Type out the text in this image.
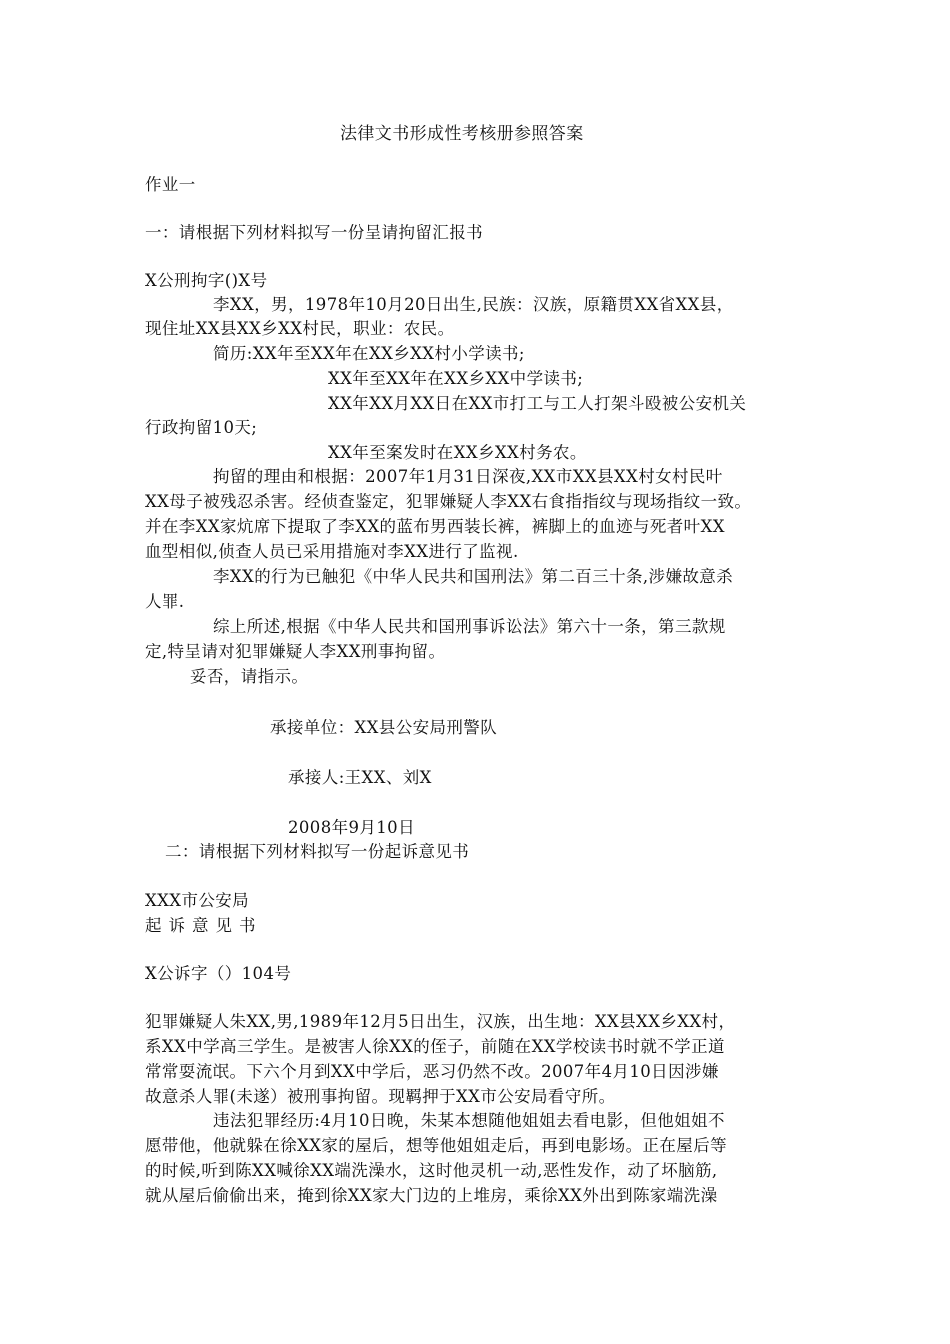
法律文书形成性考核册参照答案
作业一
一：请根据下列材料拟写一份呈请拘留汇报书
X公刑拘字()X号
李XX，男，1978年10月20日出生,民族：汉族，原籍贯XX省XX县，
现住址XX县XX乡XX村民，职业：农民。
简历:XX年至XX年在XX乡XX村小学读书;
XX年至XX年在XX乡XX中学读书;
XX年XX月XX日在XX市打工与工人打架斗殴被公安机关
行政拘留10天;
XX年至案发时在XX乡XX村务农。
拘留的理由和根据：2007年1月31日深夜,XX市XX县XX村女村民叶
XX母子被残忍杀害。经侦查鉴定，犯罪嫌疑人李XX右食指指纹与现场指纹一致。
并在李XX家炕席下提取了李XX的蓝布男西装长裤，裤脚上的血迹与死者叶XX
血型相似,侦查人员已采用措施对李XX进行了监视.
李XX的行为已触犯《中华人民共和国刑法》第二百三十条,涉嫌故意杀
人罪.
综上所述,根据《中华人民共和国刑事诉讼法》第六十一条，第三款规
定,特呈请对犯罪嫌疑人李XX刑事拘留。
妥否，请指示。
承接单位：XX县公安局刑警队
承接人:王XX、刘X
2008年9月10日
二：请根据下列材料拟写一份起诉意见书
XXX市公安局
起诉意见书
X公诉字（）104号
犯罪嫌疑人朱XX,男,1989年12月5日出生，汉族，出生地：XX县XX乡XX村，
系XX中学高三学生。是被害人徐XX的侄子，前随在XX学校读书时就不学正道
常常耍流氓。下六个月到XX中学后，恶习仍然不改。2007年4月10日因涉嫌
故意杀人罪(未遂）被刑事拘留。现羁押于XX市公安局看守所。
违法犯罪经历:4月10日晚，朱某本想随他姐姐去看电影，但他姐姐不
愿带他，他就躲在徐XX家的屋后，想等他姐姐走后，再到电影场。正在屋后等
的时候,听到陈XX喊徐XX端洗澡水，这时他灵机一动,恶性发作，动了坏脑筋,
就从屋后偷偷出来，掩到徐XX家大门边的上堆房，乘徐XX外出到陈家端洗澡
